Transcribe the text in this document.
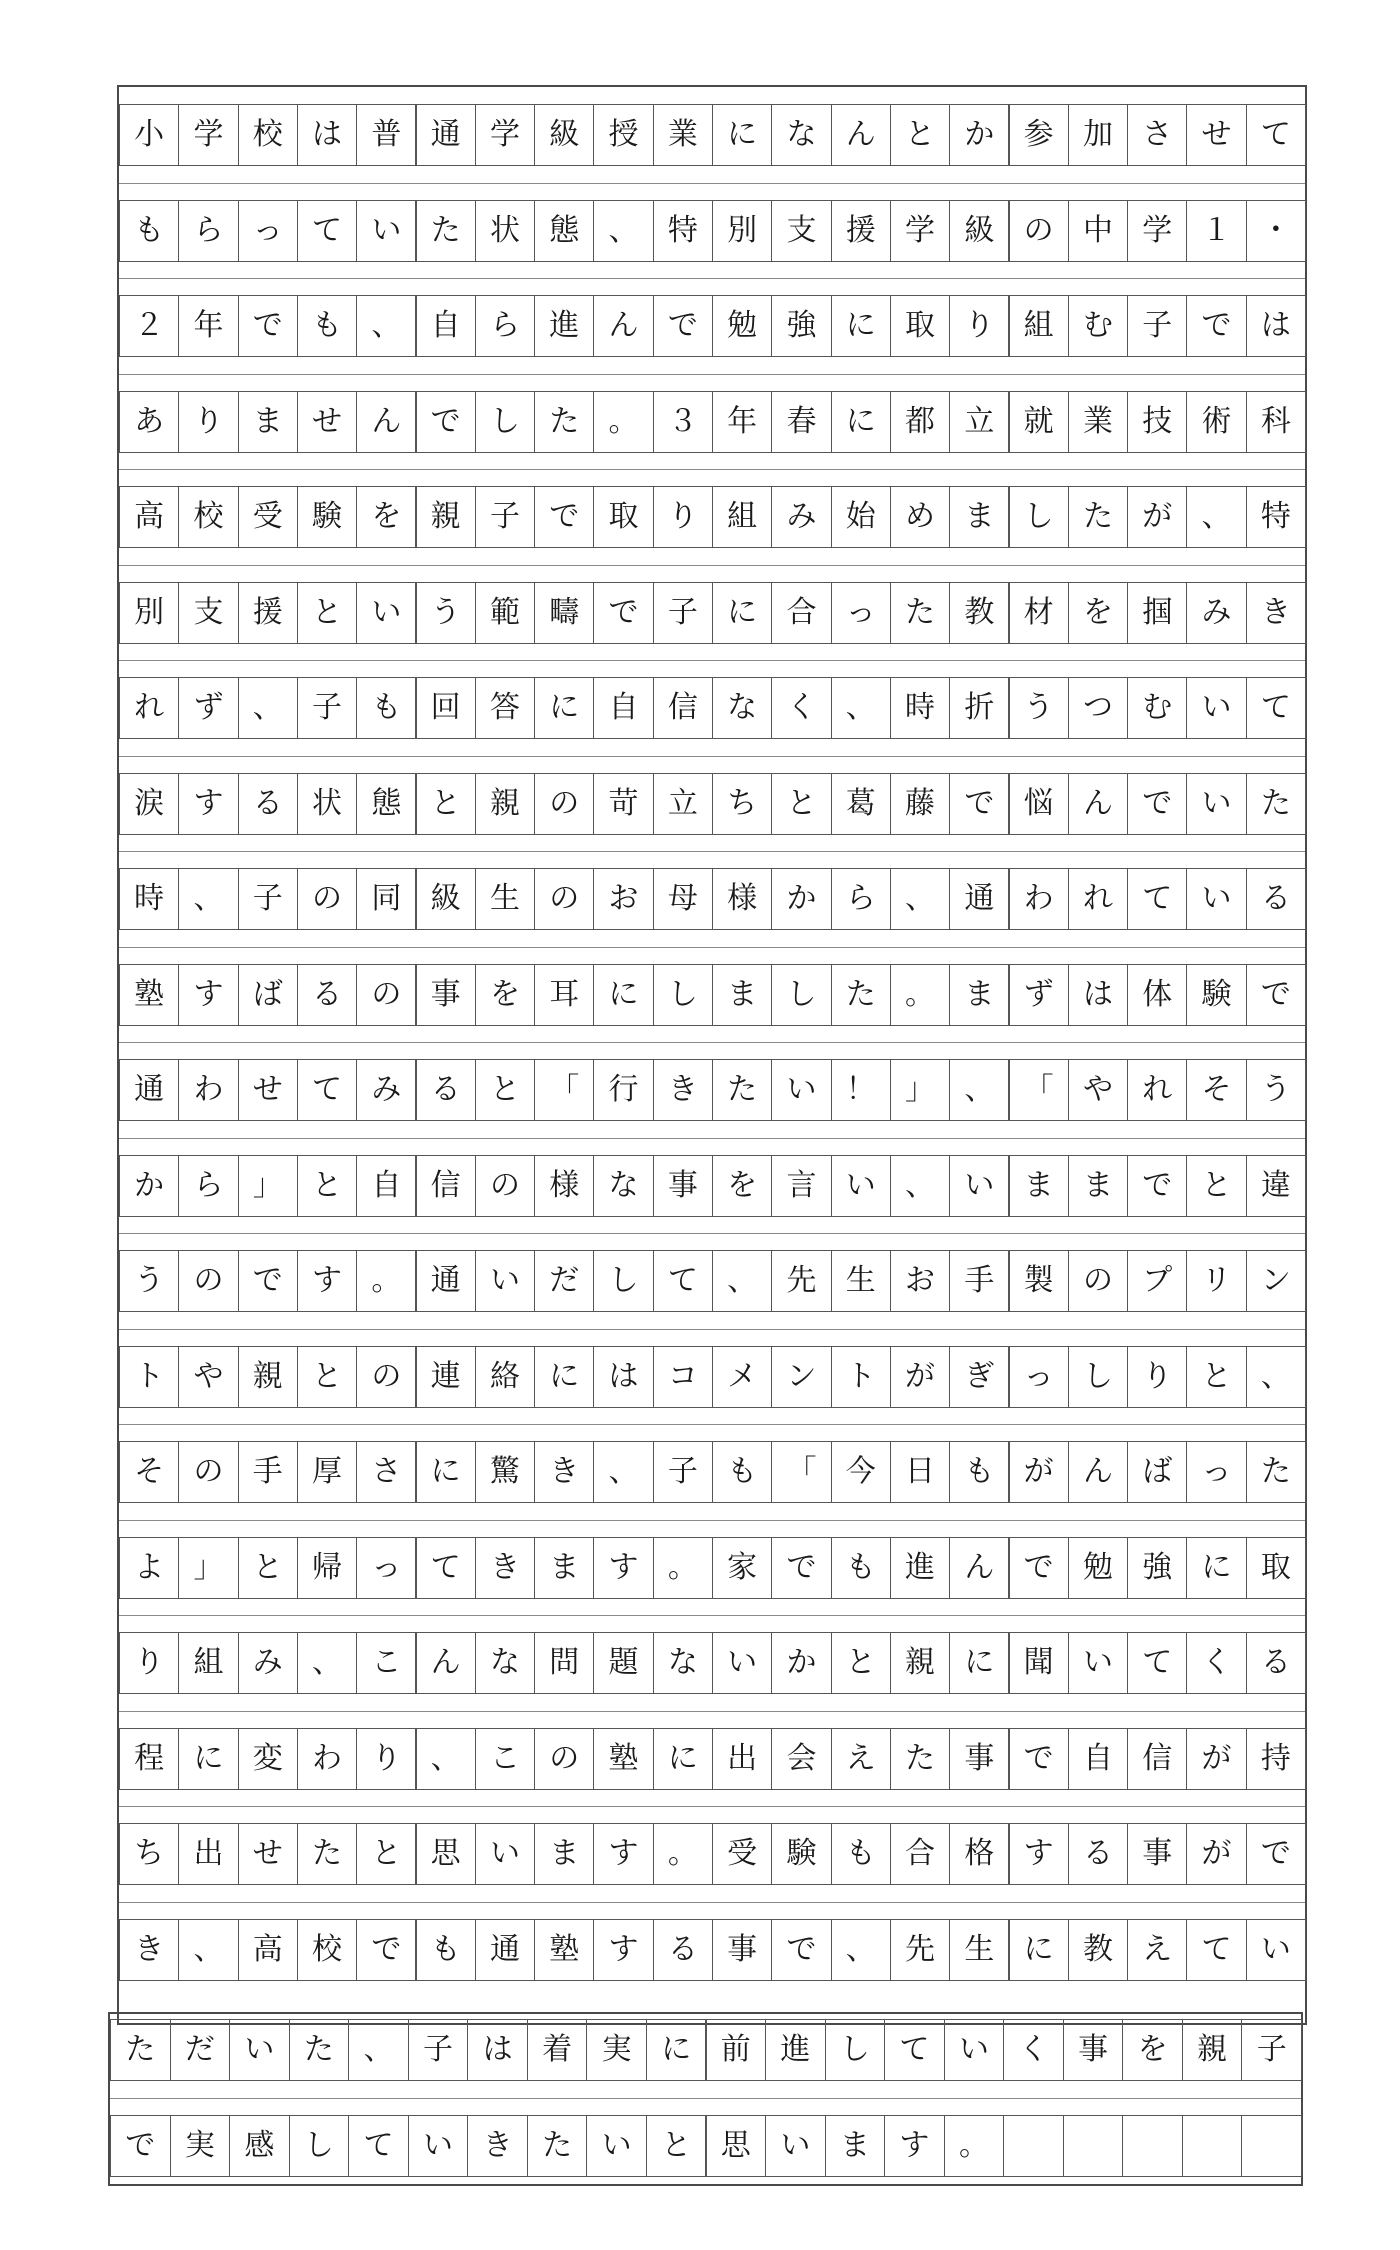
小 学 校 は 普 通 学 級 授 業 に な ん と か 参 加 さ せ て
も ら っ て い た 状 態 、 特 別 支 援 学 級 の 中 学 １ ・
２ 年 で も 、 自 ら 進 ん で 勉 強 に 取 り 組 む 子 で は
あ り ま せ ん で し た 。 ３ 年 春 に 都 立 就 業 技 術 科
高 校 受 験 を 親 子 で 取 り 組 み 始 め ま し た が 、 特
別 支 援 と い う 範 疇 で 子 に 合 っ た 教 材 を 掴 み き
れ ず 、 子 も 回 答 に 自 信 な く 、 時 折 う つ む い て
涙 す る 状 態 と 親 の 苛 立 ち と 葛 藤 で 悩 ん で い た
時 、 子 の 同 級 生 の お 母 様 か ら 、 通 わ れ て い る
塾 す ば る の 事 を 耳 に し ま し た 。 ま ず は 体 験 で
通 わ せ て み る と 「 行 き た い ！ 」 、 「 や れ そ う
か ら 」 と 自 信 の 様 な 事 を 言 い 、 い ま ま で と 違
う の で す 。 通 い だ し て 、 先 生 お 手 製 の プ リ ン
ト や 親 と の 連 絡 に は コ メ ン ト が ぎ っ し り と 、
そ の 手 厚 さ に 驚 き 、 子 も 「 今 日 も が ん ば っ た
よ 」 と 帰 っ て き ま す 。 家 で も 進 ん で 勉 強 に 取
り 組 み 、 こ ん な 問 題 な い か と 親 に 聞 い て く る
程 に 変 わ り 、 こ の 塾 に 出 会 え た 事 で 自 信 が 持
ち 出 せ た と 思 い ま す 。 受 験 も 合 格 す る 事 が で
き 、 高 校 で も 通 塾 す る 事 で 、 先 生 に 教 え て い
た だ い た 、 子 は 着 実 に 前 進 し て い く 事 を 親 子
で 実 感 し て い き た い と 思 い ま す 。
